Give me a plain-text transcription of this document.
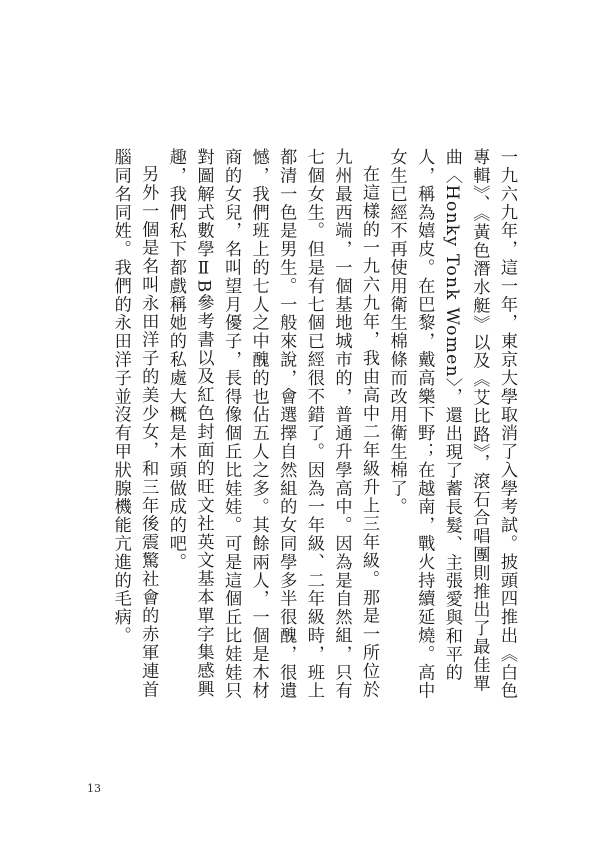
一九六九年，這一年，東京大學取消了入學考試。披頭四推出《白色專輯》、《黃色潛水艇》以及《艾比路》，滾石合唱團則推出了最佳單曲〈Honky Tonk Women〉，還出現了蓄長髮、主張愛與和平的人，稱為嬉皮。在巴黎，戴高樂下野；在越南，戰火持續延燒。高中女生已經不再使用衛生棉條而改用衛生棉了。

在這樣的一九六九年，我由高中二年級升上三年級。那是一所位於九州最西端，一個基地城市的，普通升學高中。因為是自然組，只有七個女生。但是有七個已經很不錯了。因為一年級、二年級時，班上都清一色是男生。一般來說，會選擇自然組的女同學多半很醜，很遺憾，我們班上的七人之中醜的也佔五人之多。其餘兩人，一個是木材商的女兒，名叫望月優子，長得像個丘比娃娃。可是這個丘比娃娃只對圖解式數學ⅡB參考書以及紅色封面的旺文社英文基本單字集感興趣，我們私下都戲稱她的私處大概是木頭做成的吧。

另外一個是名叫永田洋子的美少女，和三年後震驚社會的赤軍連首腦同名同姓。我們的永田洋子並沒有甲狀腺機能亢進的毛病。

13
